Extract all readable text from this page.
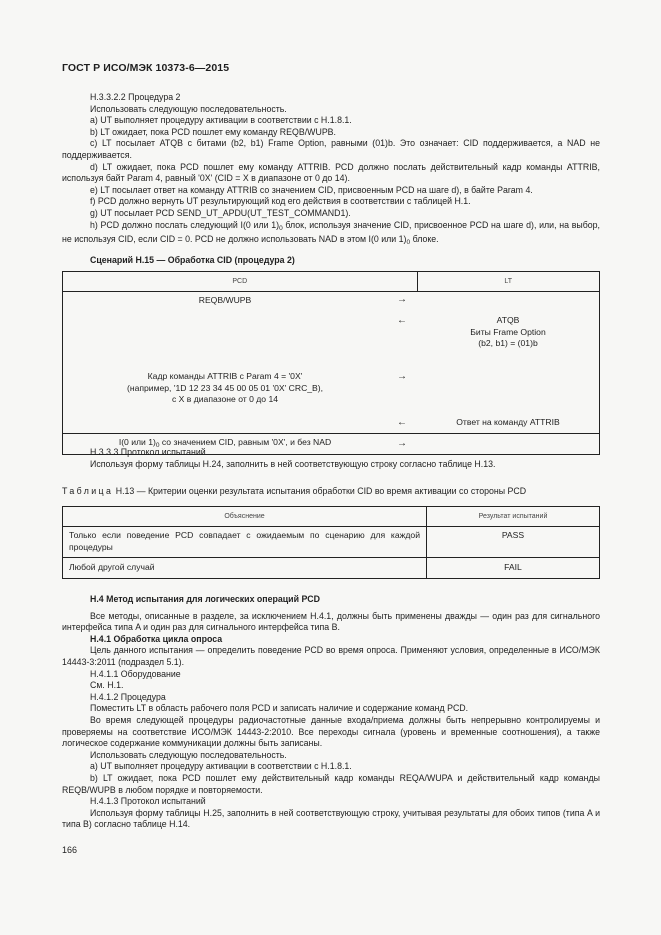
ГОСТ Р ИСО/МЭК 10373-6—2015

H.3.3.2.2 Процедура 2

Использовать следующую последовательность.

a) UT выполняет процедуру активации в соответствии с H.1.8.1.

b) LT ожидает, пока PCD пошлет ему команду REQB/WUPB.

c) LT посылает ATQB с битами (b2, b1) Frame Option, равными (01)b. Это означает: CID поддерживается, а NAD не поддерживается.

d) LT ожидает, пока PCD пошлет ему команду ATTRIB. PCD должно послать действительный кадр команды ATTRIB, используя байт Param 4, равный '0X' (CID = X в диапазоне от 0 до 14).

e) LT посылает ответ на команду ATTRIB со значением CID, присвоенным PCD на шаге d), в байте Param 4.

f) PCD должно вернуть UT результирующий код его действия в соответствии с таблицей H.1.

g) UT посылает PCD SEND_UT_APDU(UT_TEST_COMMAND1).

h) PCD должно послать следующий I(0 или $1)_0$ блок, используя значение CID, присвоенное PCD на шаге d), или, на выбор, не используя CID, если CID = 0. PCD не должно использовать NAD в этом I(0 или $1)_0$ блоке.

Сценарий H.15 — Обработка CID (процедура 2)

PCD		LT
REQB/WUPB	→	
	←	ATQB
Биты Frame Option
(b2, b1) = (01)b

Кадр команды ATTRIB с Param 4 = '0X'
(например, '1D 12 23 34 45 00 05 01 '0X' CRC_B),
с X в диапазоне от 0 до 14	→	
	←	Ответ на команду ATTRIB
I(0 или $1)_0$ со значением CID, равным '0X', и без NAD	→	

H.3.3.3 Протокол испытаний

Используя форму таблицы H.24, заполнить в ней соответствующую строку согласно таблице H.13.

Таблица H.13 — Критерии оценки результата испытания обработки CID во время активации со стороны PCD

Объяснение	Результат испытаний
Только если поведение PCD совпадает с ожидаемым по сценарию для каждой процедуры	PASS
Любой другой случай	FAIL

H.4 Метод испытания для логических операций PCD

Все методы, описанные в разделе, за исключением H.4.1, должны быть применены дважды — один раз для сигнального интерфейса типа A и один раз для сигнального интерфейса типа B.

H.4.1 Обработка цикла опроса

Цель данного испытания — определить поведение PCD во время опроса. Применяют условия, определенные в ИСО/МЭК 14443-3:2011 (подраздел 5.1).

H.4.1.1 Оборудование

См. H.1.

H.4.1.2 Процедура

Поместить LT в область рабочего поля PCD и записать наличие и содержание команд PCD.

Во время следующей процедуры радиочастотные данные входа/приема должны быть непрерывно контролируемы и проверяемы на соответствие ИСО/МЭК 14443-2:2010. Все переходы сигнала (уровень и временные соотношения), а также логическое содержание коммуникации должны быть записаны.

Использовать следующую последовательность.

a) UT выполняет процедуру активации в соответствии с H.1.8.1.

b) LT ожидает, пока PCD пошлет ему действительный кадр команды REQA/WUPA и действительный кадр команды REQB/WUPB в любом порядке и повторяемости.

H.4.1.3 Протокол испытаний

Используя форму таблицы H.25, заполнить в ней соответствующую строку, учитывая результаты для обоих типов (типа A и типа B) согласно таблице H.14.

166
